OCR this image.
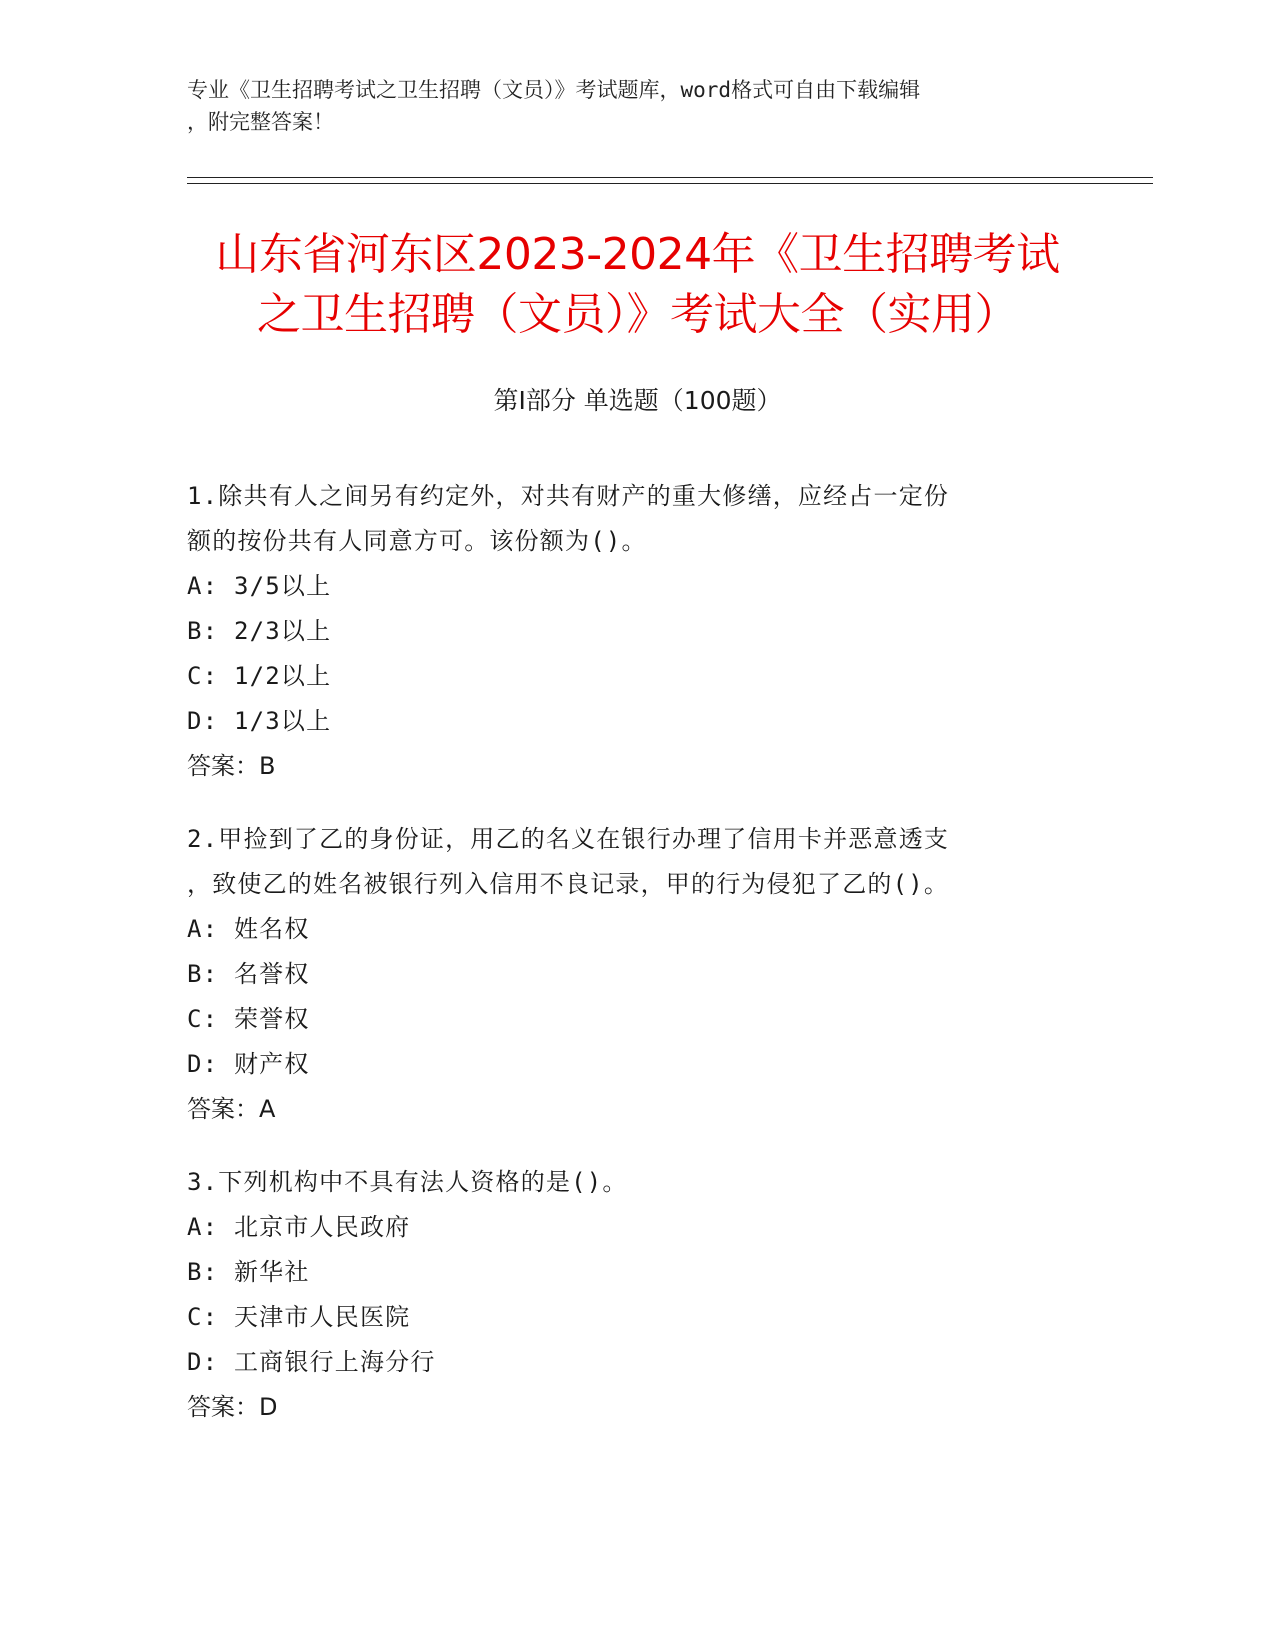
专业《卫生招聘考试之卫生招聘（文员）》考试题库，word格式可自由下载编辑
，附完整答案！
山东省河东区2023-2024年《卫生招聘考试
之卫生招聘（文员）》考试大全（实用）
第Ⅰ部分 单选题（100题）
1.除共有人之间另有约定外，对共有财产的重大修缮，应经占一定份
额的按份共有人同意方可。该份额为()。
A: 3/5以上
B: 2/3以上
C: 1/2以上
D: 1/3以上
答案：B
2.甲捡到了乙的身份证，用乙的名义在银行办理了信用卡并恶意透支
，致使乙的姓名被银行列入信用不良记录，甲的行为侵犯了乙的()。
A: 姓名权
B: 名誉权
C: 荣誉权
D: 财产权
答案：A
3.下列机构中不具有法人资格的是()。
A: 北京市人民政府
B: 新华社
C: 天津市人民医院
D: 工商银行上海分行
答案：D
